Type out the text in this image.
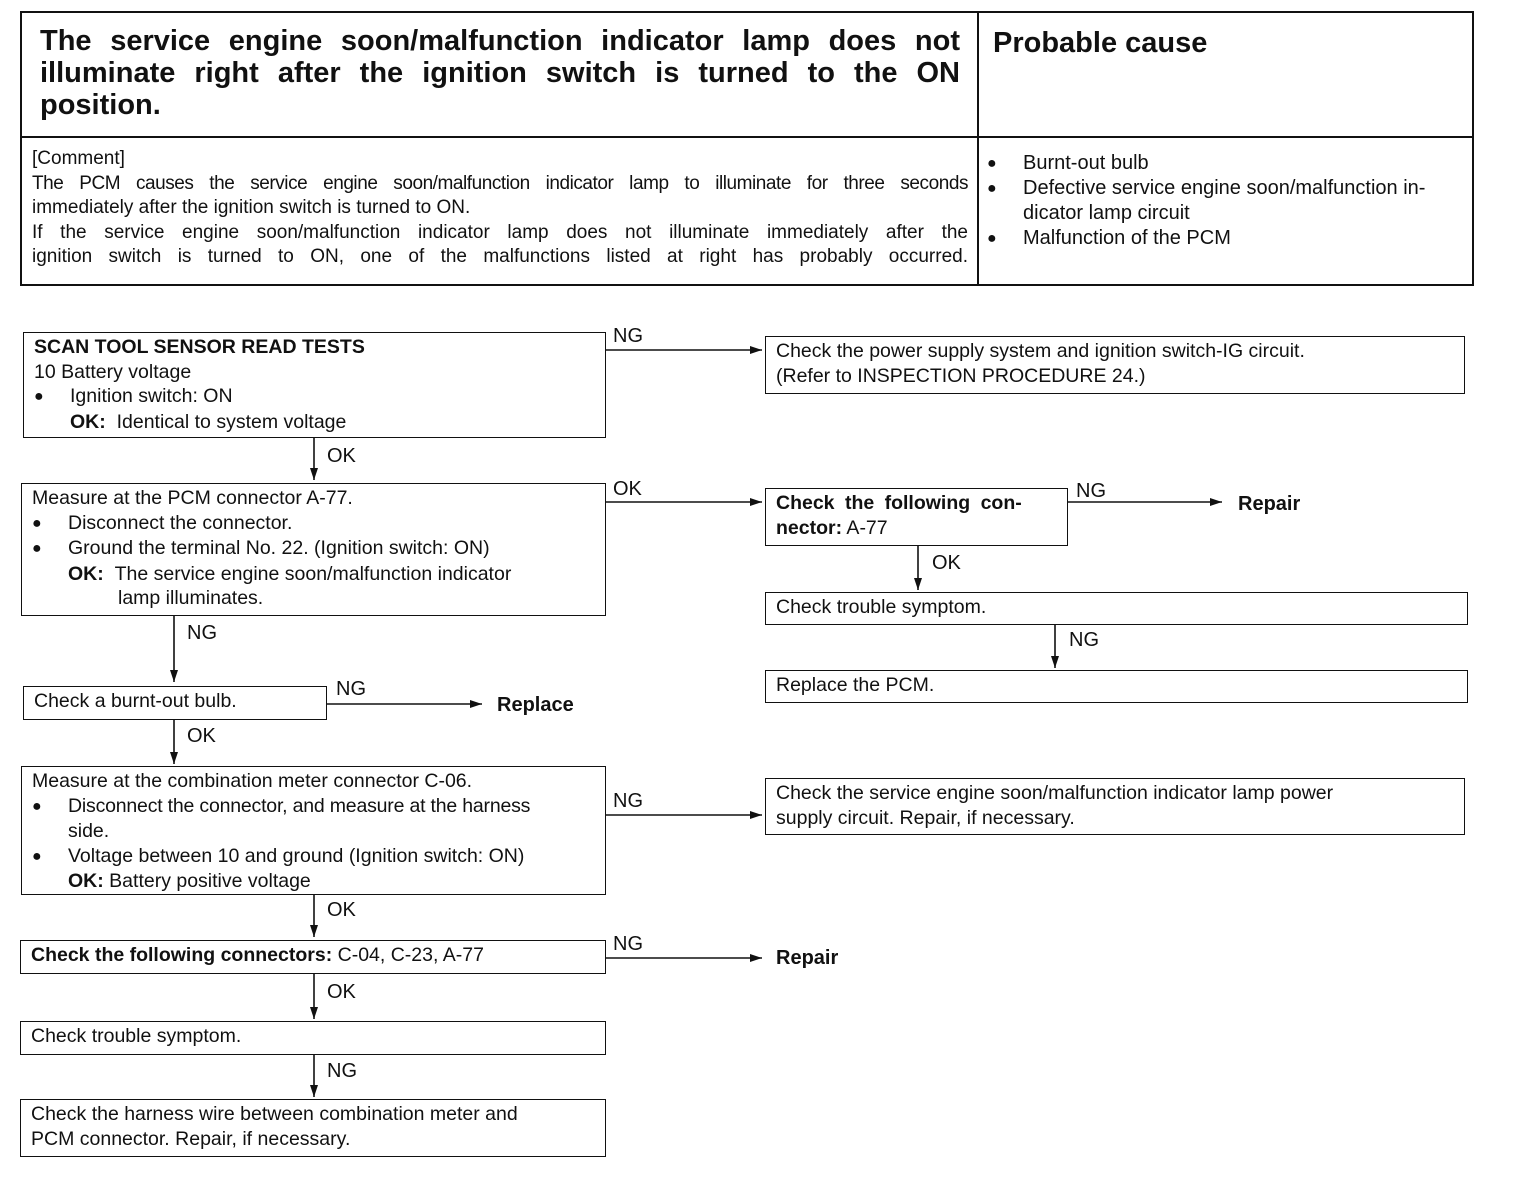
The service engine soon/malfunction indicator lamp does not
illuminate right after the ignition switch is turned to the ON
position.
Probable cause
[Comment]
The PCM causes the service engine soon/malfunction indicator lamp to illuminate for three seconds
immediately after the ignition switch is turned to ON.
If the service engine soon/malfunction indicator lamp does not illuminate immediately after the
ignition switch is turned to ON, one of the malfunctions listed at right has probably occurred.
● Burnt-out bulb
● Defective service engine soon/malfunction in-
dicator lamp circuit
● Malfunction of the PCM
SCAN TOOL SENSOR READ TESTS
10 Battery voltage
● Ignition switch: ON
OK: Identical to system voltage
Check the power supply system and ignition switch-IG circuit.
(Refer to INSPECTION PROCEDURE 24.)
Measure at the PCM connector A-77.
● Disconnect the connector.
● Ground the terminal No. 22. (Ignition switch: ON)
OK: The service engine soon/malfunction indicator
lamp illuminates.
Check the following con-
nector: A-77
Check trouble symptom.
Replace the PCM.
Check a burnt-out bulb.
Measure at the combination meter connector C-06.
● Disconnect the connector, and measure at the harness
side.
● Voltage between 10 and ground (Ignition switch: ON)
OK: Battery positive voltage
Check the service engine soon/malfunction indicator lamp power
supply circuit. Repair, if necessary.
Check the following connectors: C-04, C-23, A-77
Check trouble symptom.
Check the harness wire between combination meter and
PCM connector. Repair, if necessary.
NG
OK
OK	NG
OK
NG
NG
NG
OK
NG
OK
NG
OK
NG
Repair
Replace
Repair
